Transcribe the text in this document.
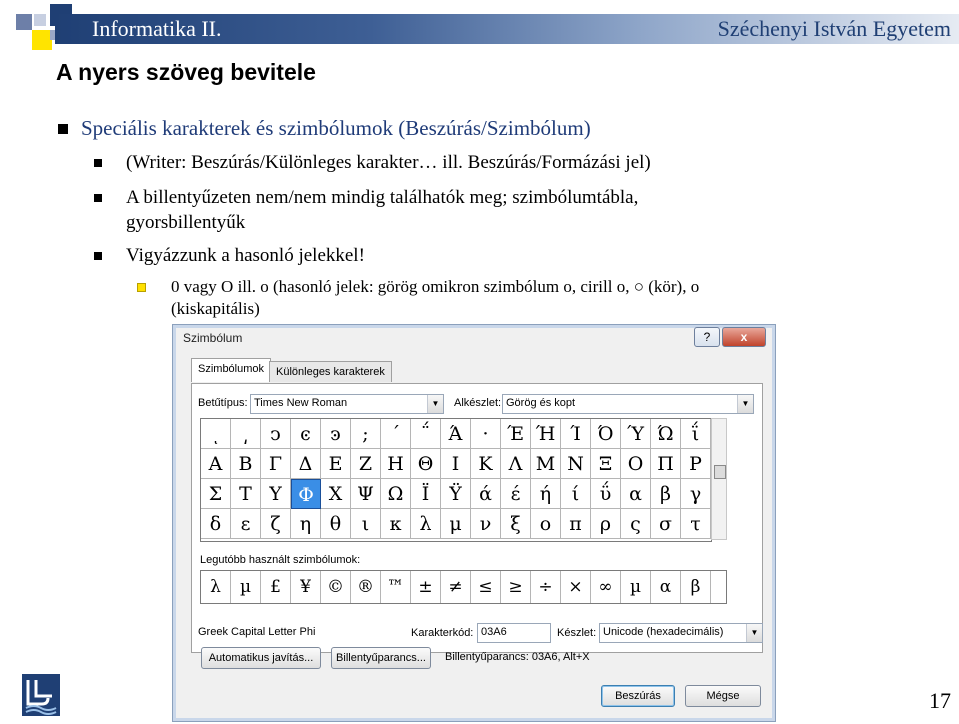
Informatika II.	Széchenyi István Egyetem
A nyers szöveg bevitele
Speciális karakterek és szimbólumok (Beszúrás/Szimbólum)
(Writer: Beszúrás/Különleges karakter… ill. Beszúrás/Formázási jel)
A billentyűzeten nem/nem mindig találhatók meg; szimbólumtábla,
gyorsbillentyűk
Vigyázzunk a hasonló jelekkel!
0 vagy O ill. o (hasonló jelek: görög omikron szimbólum ο, cirill о, ○ (kör), ᴏ
(kiskapitális)
Szimbólum	?	x
Szimbólumok	Különleges karakterek
Betűtípus: Times New Roman	▼	Alkészlet: Görög és kopt	▼
ͺ	͵	ͻ	ͼ	ͽ	;	΄	΅ Ά	· Έ Ή Ί Ό Ύ Ώ ΐ
Α Β Γ Δ Ε Ζ Η Θ Ι	Κ Λ Μ Ν Ξ Ο Π Ρ
Σ Τ Υ Φ Χ Ψ Ω Ϊ	Ϋ ά έ	ή	ί	ΰ α β γ
δ	ε	ζ	η θ	ι	κ λ μ ν ξ	ο π ρ	ς σ τ
Legutóbb használt szimbólumok:
λ	µ	£	¥ © ® ™ ± ≠ ≤ ≥ ÷ × ∞	µ	α	β
Greek Capital Letter Phi	Karakterkód: 03A6	Készlet: Unicode (hexadecimális)	▼
Automatikus javítás...	Billentyűparancs...	Billentyűparancs: 03A6, Alt+X
Beszúrás	Mégse	17
